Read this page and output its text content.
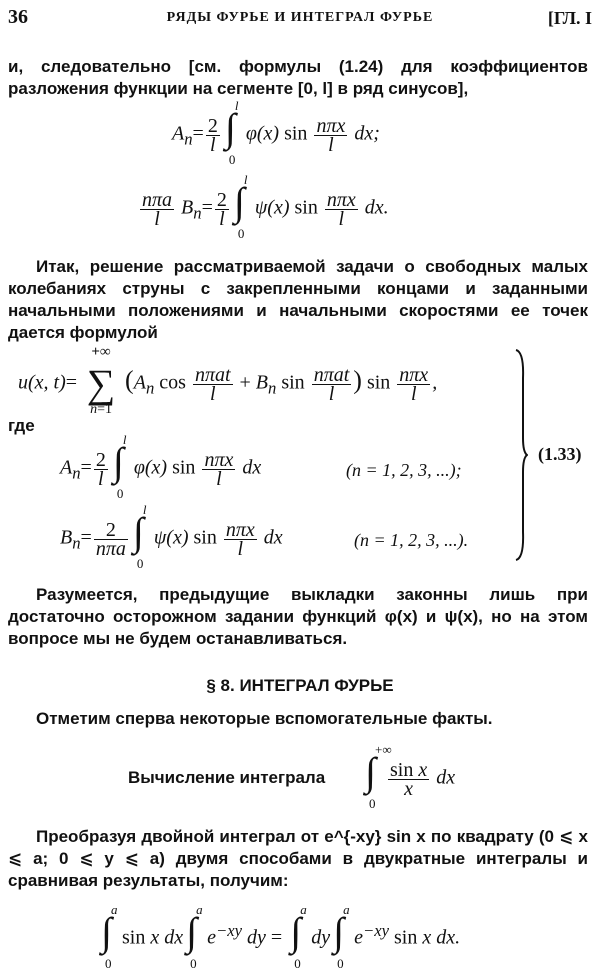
36	РЯДЫ ФУРЬЕ И ИНТЕГРАЛ ФУРЬЕ	[ГЛ. I
и, следовательно [см. формулы (1.24) для коэффициентов разложения функции на сегменте [0, l] в ряд синусов],
$A_n= \frac{2}{l}$ ∫ l
0
φ(x) $\sin \frac{\text{nπx}}{l}$ dx;
$\frac{\text{nπa}}{l} B_n= \frac{2}{l}$ ∫ l
0
ψ(x) $\sin \frac{\text{nπx}}{l}$ dx.
Итак, решение рассматриваемой задачи о свободных малых колебаниях струны с закрепленными концами и заданными начальными положениями и начальными скоростями ее точек дается формулой
u(x, t)= ∑
+∞
n=1
($A_n$ $\cos \frac{\text{nπat}}{l} + B_n$ $\sin \frac{\text{nπat}}{l}$ ) $\sin \frac{\text{nπx}}{l}$ ,
где
$A_n= \frac{2}{l}$ ∫ l
0
φ(x) $\sin \frac{\text{nπx}}{l}$ dx	(n = 1, 2, 3, ...);
$B_n= \frac{2}{\text{nπa}}$ ∫ l
0
ψ(x) $\sin \frac{\text{nπx}}{l}$ dx	(n = 1, 2, 3, ...).
(1.33)
Разумеется, предыдущие выкладки законны лишь при достаточно осторожном задании функций φ(x) и ψ(x), но на этом вопросе мы не будем останавливаться.
§ 8. ИНТЕГРАЛ ФУРЬЕ
Отметим сперва некоторые вспомогательные факты.
Вычисление интеграла ∫ +∞
0
$\frac{\text{sin x}}{x}$ dx
Преобразуя двойной интеграл от e^{-xy} sin x по квадрату (0 ⩽ x ⩽ a; 0 ⩽ y ⩽ a) двумя способами в двукратные интегралы и сравнивая результаты, получим:
∫ a
0
sin x dx ∫ a
0
$e^{-xy}$ dy = ∫ a
0
dy ∫ a
0
$e^{-xy}$ sin x dx.
